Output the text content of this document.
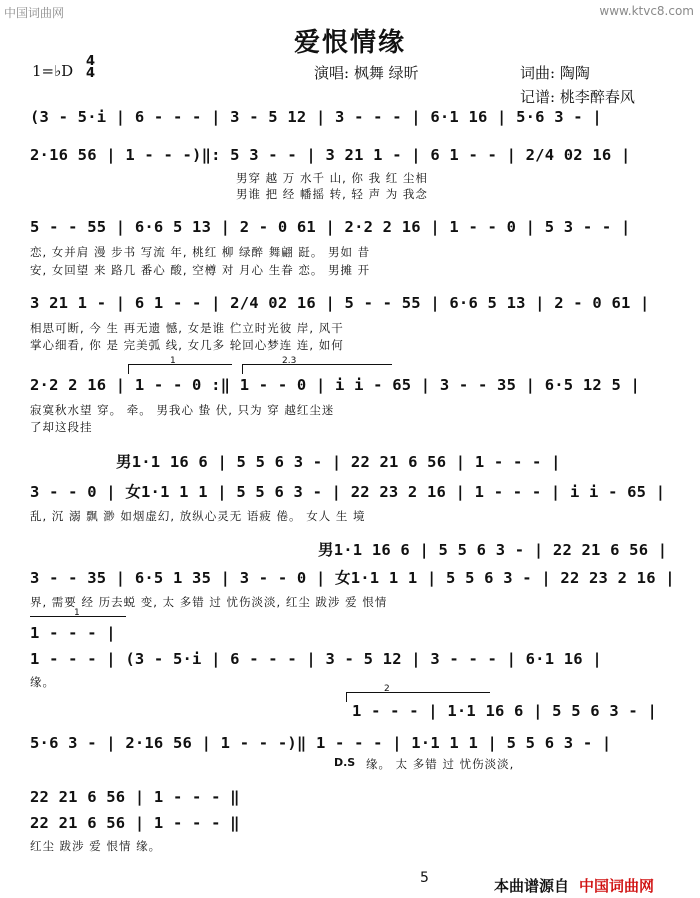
中国词曲网	www.ktvc8.com
爱恨情缘
1=♭D
4
4	演唱: 枫舞 绿昕	词曲: 陶陶
记谱: 桃李醉春风
(3 - 5·i | 6 - - - | 3 - 5 12 | 3 - - - | 6·1 16 | 5·6 3 - |
2·16 56 | 1 - - -)‖: 5 3 - - | 3 21 1 - | 6 1 - - | 2/4 02 16 |
男穿 越 万 水千 山, 你 我 红 尘相
男谁 把 经 幡摇 转, 轻 声 为 我念
5 - - 55 | 6·6 5 13 | 2 - 0 61 | 2·2 2 16 | 1 - - 0 | 5 3 - - |
恋, 女并肩 漫 步书 写流 年, 桃红 柳 绿醉 舞翩 跹。 男如 昔
安, 女回望 来 路几 番心 酸, 空樽 对 月心 生眷 恋。 男摊 开
3 21 1 - | 6 1 - - | 2/4 02 16 | 5 - - 55 | 6·6 5 13 | 2 - 0 61 |
相思可断, 今 生 再无遗 憾, 女是谁 伫立时光彼 岸, 风干
掌心细看, 你 是 完美弧 线, 女几多 轮回心梦连 连, 如何
1	2.3
2·2 2 16 | 1 - - 0 :‖ 1 - - 0 | i i - 65 | 3 - - 35 | 6·5 12 5 |
寂寞秋水望 穿。 牵。 男我心 蛰 伏, 只为 穿 越红尘迷
了却这段挂
男1·1 16 6 | 5 5 6 3 - | 22 21 6 56 | 1 - - - |
3 - - 0 | 女1·1 1 1 | 5 5 6 3 - | 22 23 2 16 | 1 - - - | i i - 65 |
乱, 沉 溺 飘 渺 如烟虚幻, 放纵心灵无 语疲 倦。 女人 生 境
男1·1 16 6 | 5 5 6 3 - | 22 21 6 56 |
3 - - 35 | 6·5 1 35 | 3 - - 0 | 女1·1 1 1 | 5 5 6 3 - | 22 23 2 16 |
界, 需要 经 历去蜕 变, 太 多错 过 忧伤淡淡, 红尘 跋涉 爱 恨情
1
1 - - - |
1 - - - | (3 - 5·i | 6 - - - | 3 - 5 12 | 3 - - - | 6·1 16 |
缘。	2
1 - - - | 1·1 16 6 | 5 5 6 3 - |
5·6 3 - | 2·16 56 | 1 - - -)‖ 1 - - - | 1·1 1 1 | 5 5 6 3 - |
D.S 缘。 太 多错 过 忧伤淡淡,
22 21 6 56 | 1 - - - ‖
22 21 6 56 | 1 - - - ‖
红尘 跋涉 爱 恨情 缘。
5	本曲谱源自 中国词曲网
